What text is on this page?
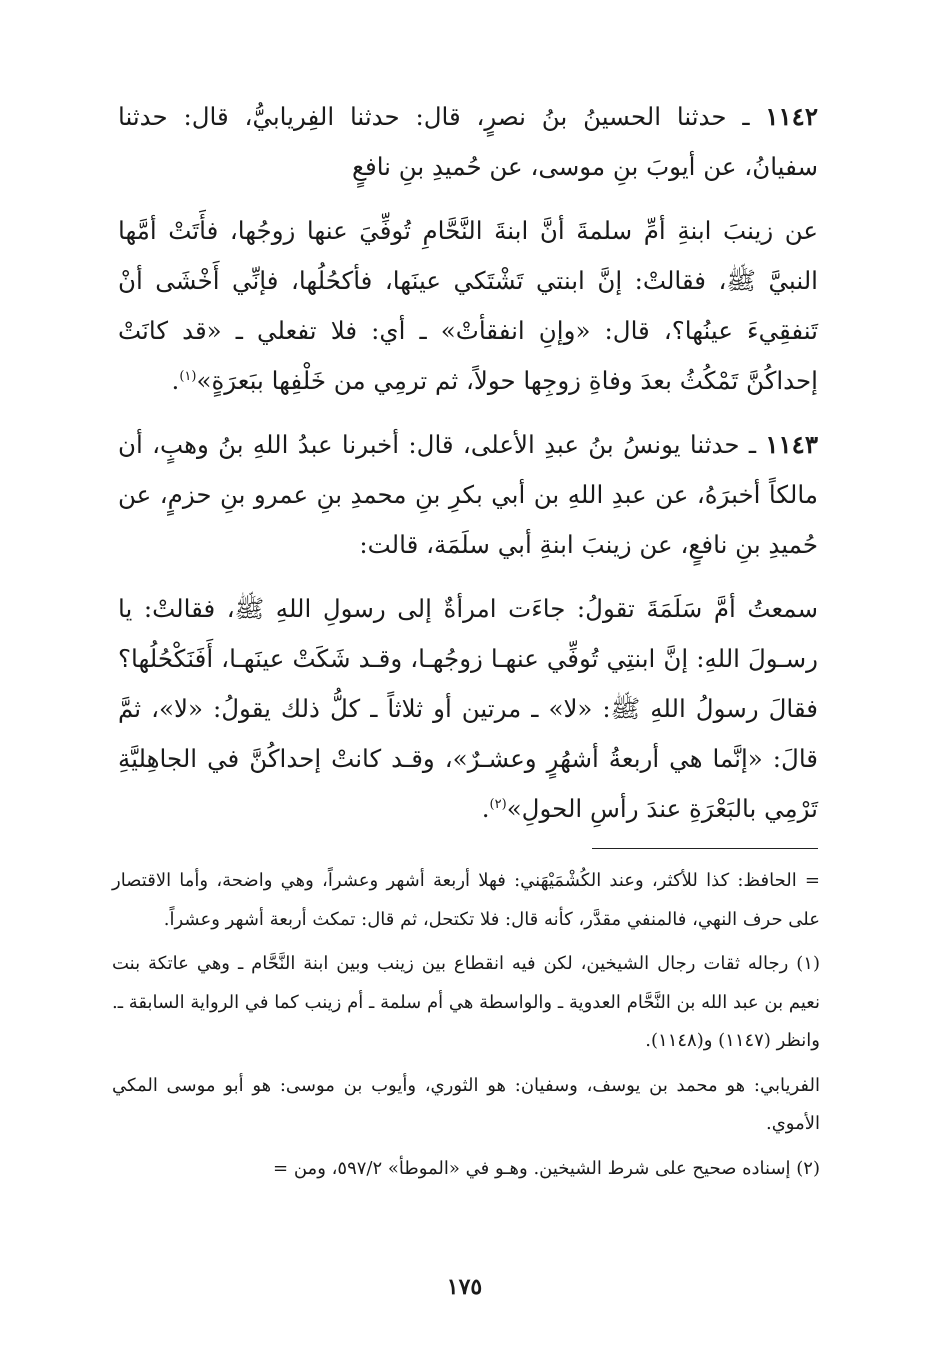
١١٤٢ ـ حدثنا الحسينُ بنُ نصرٍ، قال: حدثنا الفِريابيُّ، قال: حدثنا سفيانُ، عن أيوبَ بنِ موسى، عن حُميدِ بنِ نافعٍ

عن زينبَ ابنةِ أمِّ سلمةَ أنَّ ابنةَ النَّحَّامِ تُوفِّيَ عنها زوجُها، فأَتَتْ أمَّها النبيَّ ﷺ، فقالتْ: إنَّ ابنتي تَشْتَكي عينَها، فأكحُلُها، فإنِّي أَخْشَى أنْ تَنفقِيءَ عينُها؟، قال: «وإنِ انفقأتْ» ـ أي: فلا تفعلي ـ «قد كانَتْ إحداكُنَّ تَمْكُثُ بعدَ وفاةِ زوجِها حولاً، ثم ترمِي من خَلْفِها ببَعرَةٍ»$^{(١)}$.

١١٤٣ ـ حدثنا يونسُ بنُ عبدِ الأعلى، قال: أخبرنا عبدُ اللهِ بنُ وهبٍ، أن مالكاً أخبرَهُ، عن عبدِ اللهِ بن أبي بكرِ بنِ محمدِ بنِ عمرو بنِ حزمٍ، عن حُميدِ بنِ نافعٍ، عن زينبَ ابنةِ أبي سلَمَة، قالت:

سمعتُ أمَّ سَلَمَةَ تقولُ: جاءَت امرأةٌ إلى رسولِ اللهِ ﷺ، فقالتْ: يا رسـولَ اللهِ: إنَّ ابنتِي تُوفِّي عنهـا زوجُهـا، وقـد شَكَتْ عينَهـا، أَفَنَكْحُلُها؟ فقالَ رسولُ اللهِ ﷺ: «لا» ـ مرتين أو ثلاثاً ـ كلُّ ذلك يقولُ: «لا»، ثمَّ قالَ: «إنَّما هي أربعةُ أشهُرٍ وعشـرٌ»، وقـد كانتْ إحداكُنَّ في الجاهِليَّةِ تَرْمِي بالبَعْرَةِ عندَ رأسِ الحولِ»$^{(٢)}$.

= الحافظ: كذا للأكثر، وعند الكُشْمَيْهَني: فهلا أربعة أشهر وعشراً، وهي واضحة، وأما الاقتصار على حرف النهي، فالمنفي مقدَّر، كأنه قال: فلا تكتحل، ثم قال: تمكث أربعة أشهر وعشراً.

(١) رجاله ثقات رجال الشيخين، لكن فيه انقطاع بين زينب وبين ابنة النَّحَّام ـ وهي عاتكة بنت نعيم بن عبد الله بن النَّحَّام العدوية ـ والواسطة هي أم سلمة ـ أم زينب كما في الرواية السابقة ـ. وانظر (١١٤٧) و(١١٤٨).

الفريابي: هو محمد بن يوسف، وسفيان: هو الثوري، وأيوب بن موسى: هو أبو موسى المكي الأموي.

(٢) إسناده صحيح على شرط الشيخين. وهـو في «الموطأ» ٥٩٧/٢، ومن =

١٧٥
